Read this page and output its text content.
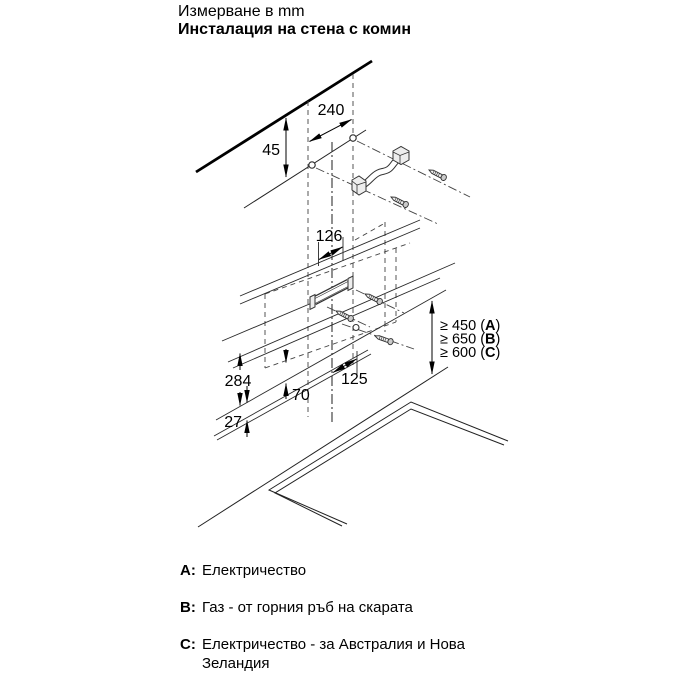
45
240
126
284
27
70
125
≥ 450 (A)
≥ 650 (B)
≥ 600 (C)
Измерване в mm
Инсталация на стена с комин
A: Електричество
B: Газ - от горния ръб на скарата
C: Електричество - за Австралия и Нова Зеландия
